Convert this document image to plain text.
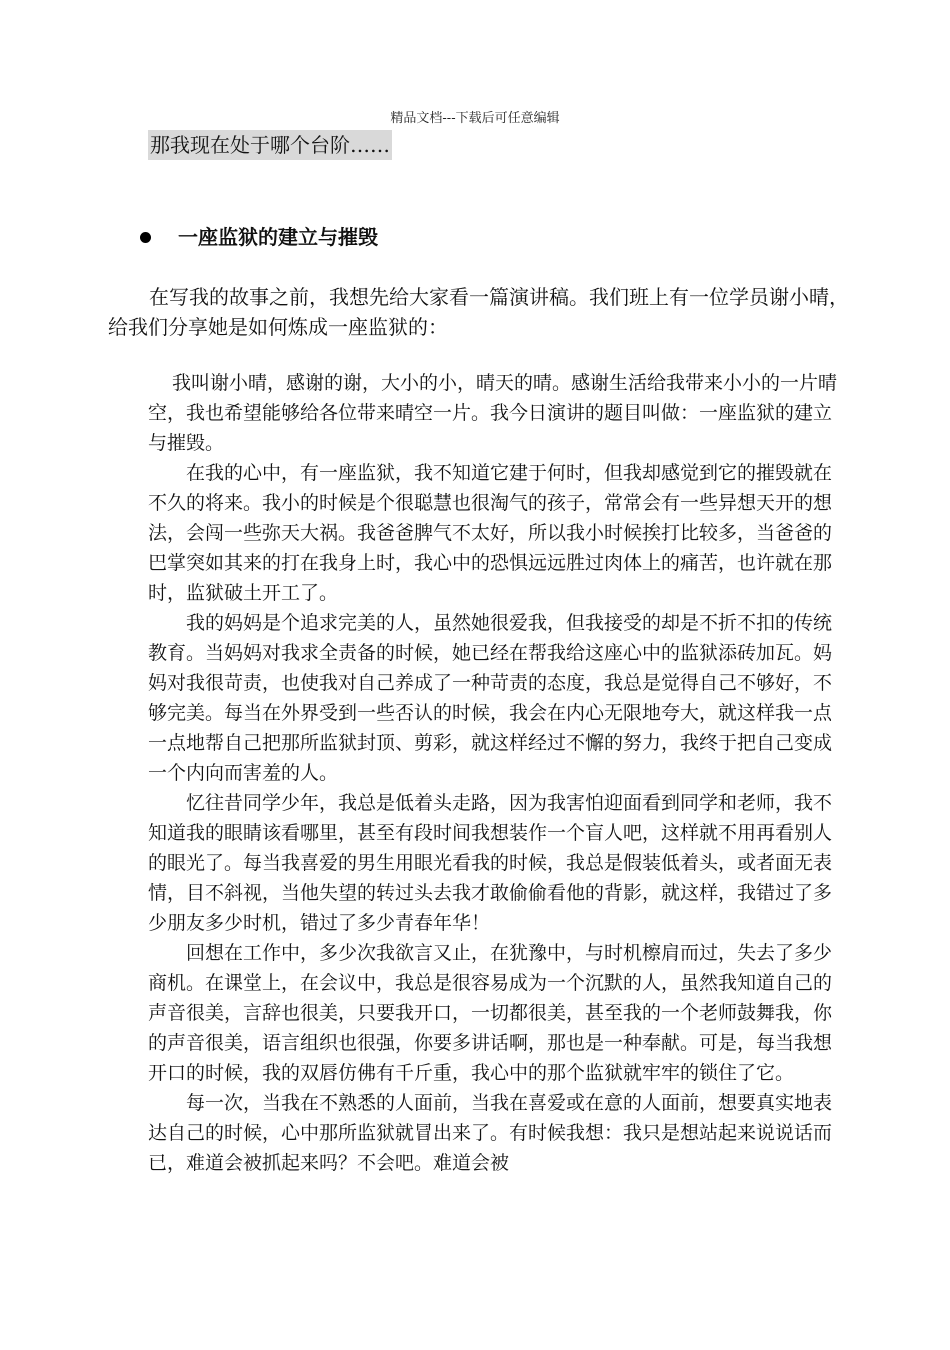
精品文档---下载后可任意编辑
那我现在处于哪个台阶……
一座监狱的建立与摧毁

在写我的故事之前，我想先给大家看一篇演讲稿。我们班上有一位学员谢小晴，给我们分享她是如何炼成一座监狱的：

我叫谢小晴，感谢的谢，大小的小，晴天的晴。感谢生活给我带来小小的一片晴空，我也希望能够给各位带来晴空一片。我今日演讲的题目叫做：一座监狱的建立与摧毁。

在我的心中，有一座监狱，我不知道它建于何时，但我却感觉到它的摧毁就在不久的将来。我小的时候是个很聪慧也很淘气的孩子，常常会有一些异想天开的想法，会闯一些弥天大祸。我爸爸脾气不太好，所以我小时候挨打比较多，当爸爸的巴掌突如其来的打在我身上时，我心中的恐惧远远胜过肉体上的痛苦，也许就在那时，监狱破土开工了。

我的妈妈是个追求完美的人，虽然她很爱我，但我接受的却是不折不扣的传统教育。当妈妈对我求全责备的时候，她已经在帮我给这座心中的监狱添砖加瓦。妈妈对我很苛责，也使我对自己养成了一种苛责的态度，我总是觉得自己不够好，不够完美。每当在外界受到一些否认的时候，我会在内心无限地夸大，就这样我一点一点地帮自己把那所监狱封顶、剪彩，就这样经过不懈的努力，我终于把自己变成一个内向而害羞的人。

忆往昔同学少年，我总是低着头走路，因为我害怕迎面看到同学和老师，我不知道我的眼睛该看哪里，甚至有段时间我想装作一个盲人吧，这样就不用再看别人的眼光了。每当我喜爱的男生用眼光看我的时候，我总是假装低着头，或者面无表情，目不斜视，当他失望的转过头去我才敢偷偷看他的背影，就这样，我错过了多少朋友多少时机，错过了多少青春年华！

回想在工作中，多少次我欲言又止，在犹豫中，与时机檫肩而过，失去了多少商机。在课堂上，在会议中，我总是很容易成为一个沉默的人，虽然我知道自己的声音很美，言辞也很美，只要我开口，一切都很美，甚至我的一个老师鼓舞我，你的声音很美，语言组织也很强，你要多讲话啊，那也是一种奉献。可是，每当我想开口的时候，我的双唇仿佛有千斤重，我心中的那个监狱就牢牢的锁住了它。

每一次，当我在不熟悉的人面前，当我在喜爱或在意的人面前，想要真实地表达自己的时候，心中那所监狱就冒出来了。有时候我想：我只是想站起来说说话而已，难道会被抓起来吗？不会吧。难道会被
